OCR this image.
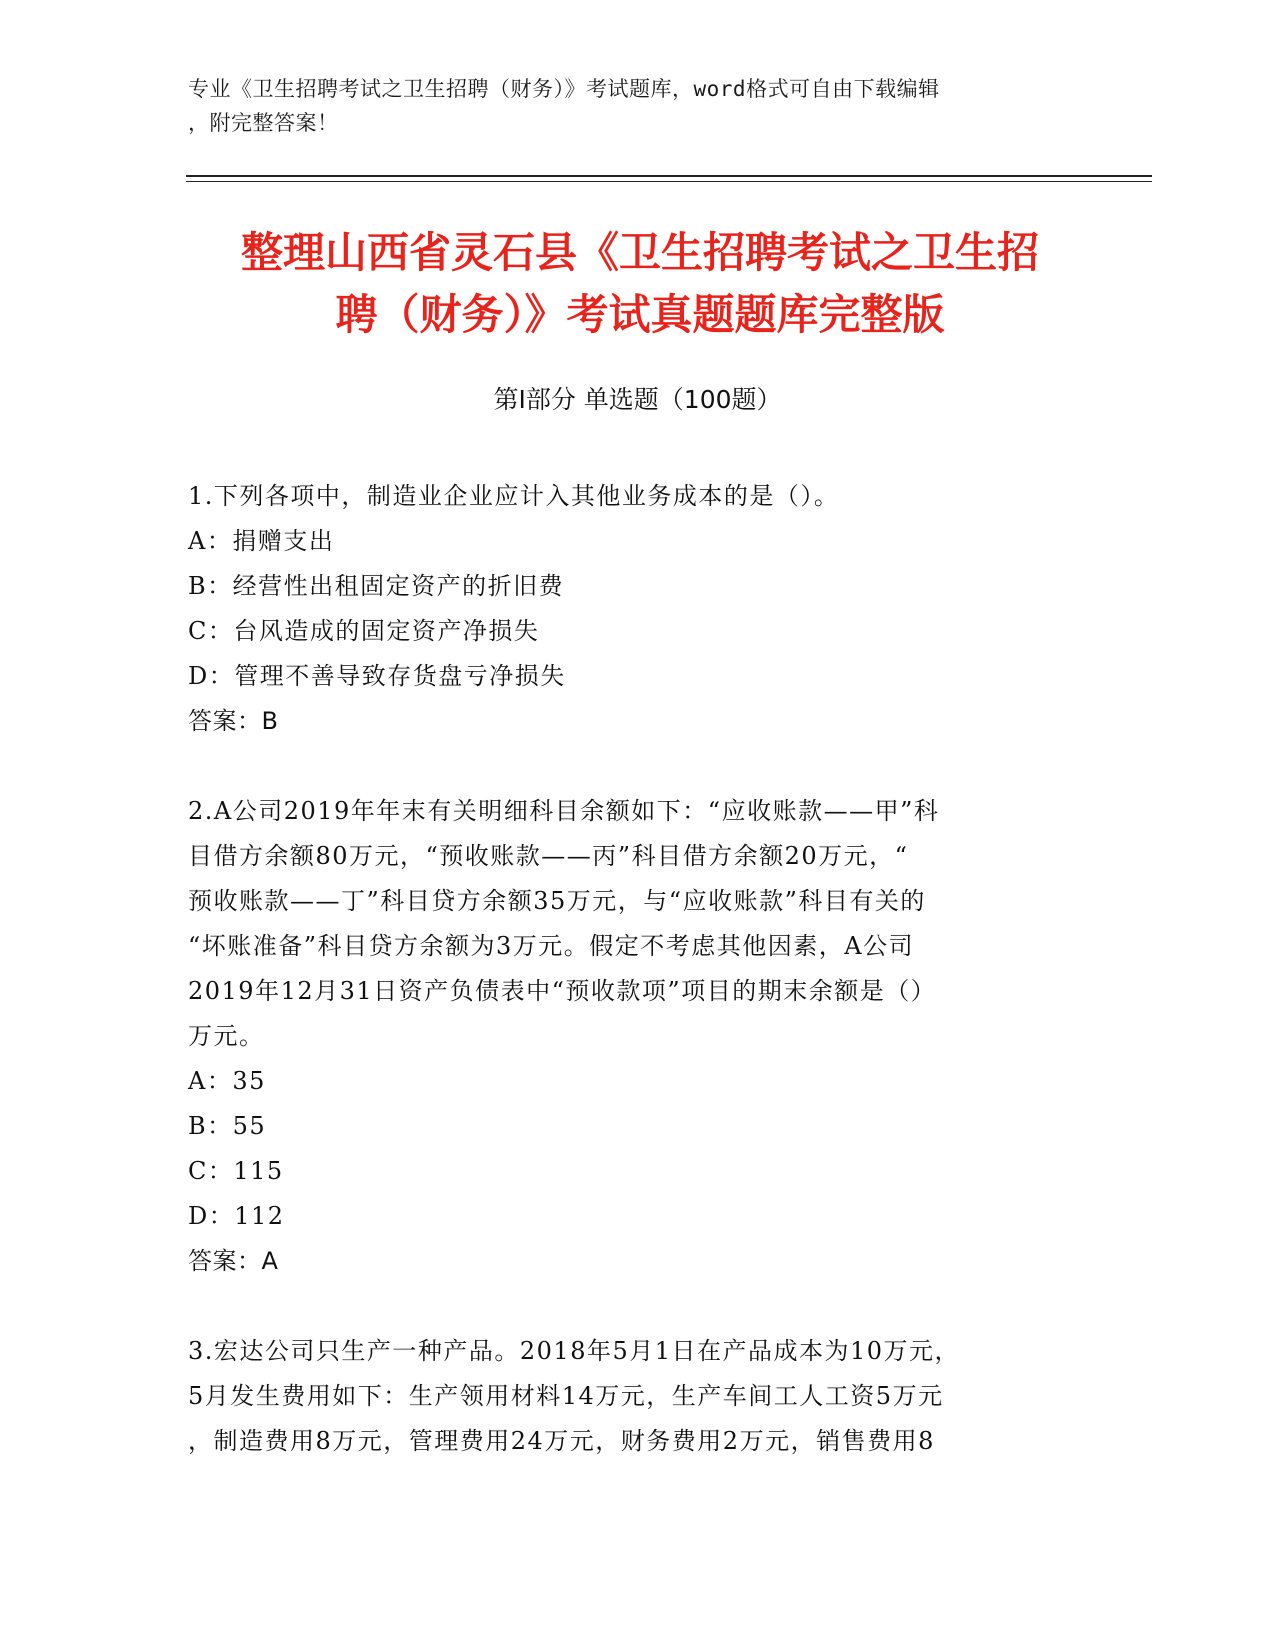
专业《卫生招聘考试之卫生招聘（财务）》考试题库，word格式可自由下载编辑
，附完整答案！
整理山西省灵石县《卫生招聘考试之卫生招
聘（财务）》考试真题题库完整版
第Ⅰ部分 单选题（100题）
1.下列各项中，制造业企业应计入其他业务成本的是（）。
A：捐赠支出
B：经营性出租固定资产的折旧费
C：台风造成的固定资产净损失
D：管理不善导致存货盘亏净损失
答案：B
2.A公司2019年年末有关明细科目余额如下：“应收账款——甲”科
目借方余额80万元，“预收账款——丙”科目借方余额20万元，“
预收账款——丁”科目贷方余额35万元，与“应收账款”科目有关的
“坏账准备”科目贷方余额为3万元。假定不考虑其他因素，A公司
2019年12月31日资产负债表中“预收款项”项目的期末余额是（）
万元。
A：35
B：55
C：115
D：112
答案：A
3.宏达公司只生产一种产品。2018年5月1日在产品成本为10万元，
5月发生费用如下：生产领用材料14万元，生产车间工人工资5万元
，制造费用8万元，管理费用24万元，财务费用2万元，销售费用8
